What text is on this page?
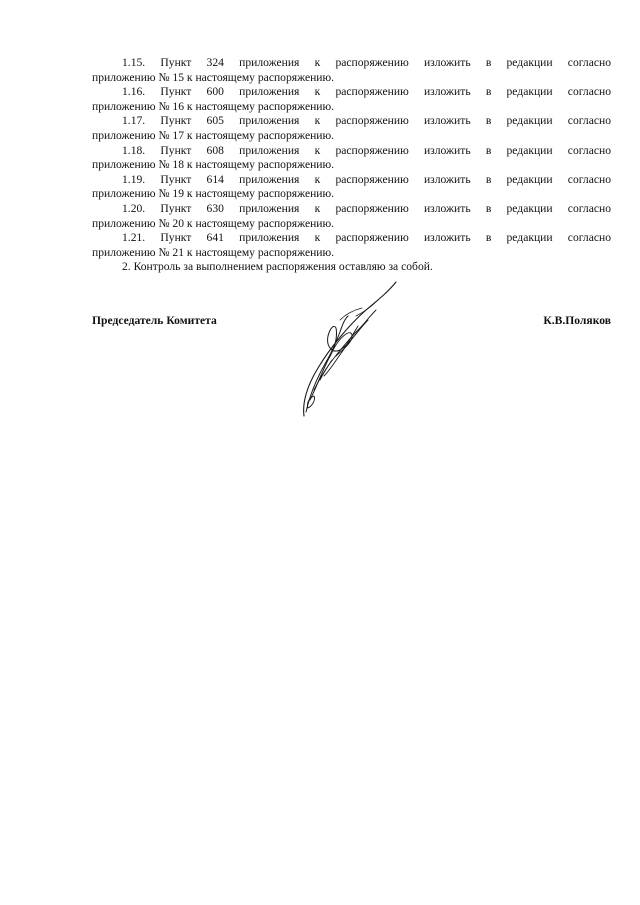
1.15. Пункт 324 приложения к распоряжению изложить в редакции согласно
приложению № 15 к настоящему распоряжению.

1.16. Пункт 600 приложения к распоряжению изложить в редакции согласно
приложению № 16 к настоящему распоряжению.

1.17. Пункт 605 приложения к распоряжению изложить в редакции согласно
приложению № 17 к настоящему распоряжению.

1.18. Пункт 608 приложения к распоряжению изложить в редакции согласно
приложению № 18 к настоящему распоряжению.

1.19. Пункт 614 приложения к распоряжению изложить в редакции согласно
приложению № 19 к настоящему распоряжению.

1.20. Пункт 630 приложения к распоряжению изложить в редакции согласно
приложению № 20 к настоящему распоряжению.

1.21. Пункт 641 приложения к распоряжению изложить в редакции согласно
приложению № 21 к настоящему распоряжению.

2. Контроль за выполнением распоряжения оставляю за собой.

Председатель Комитета	К.В.Поляков
